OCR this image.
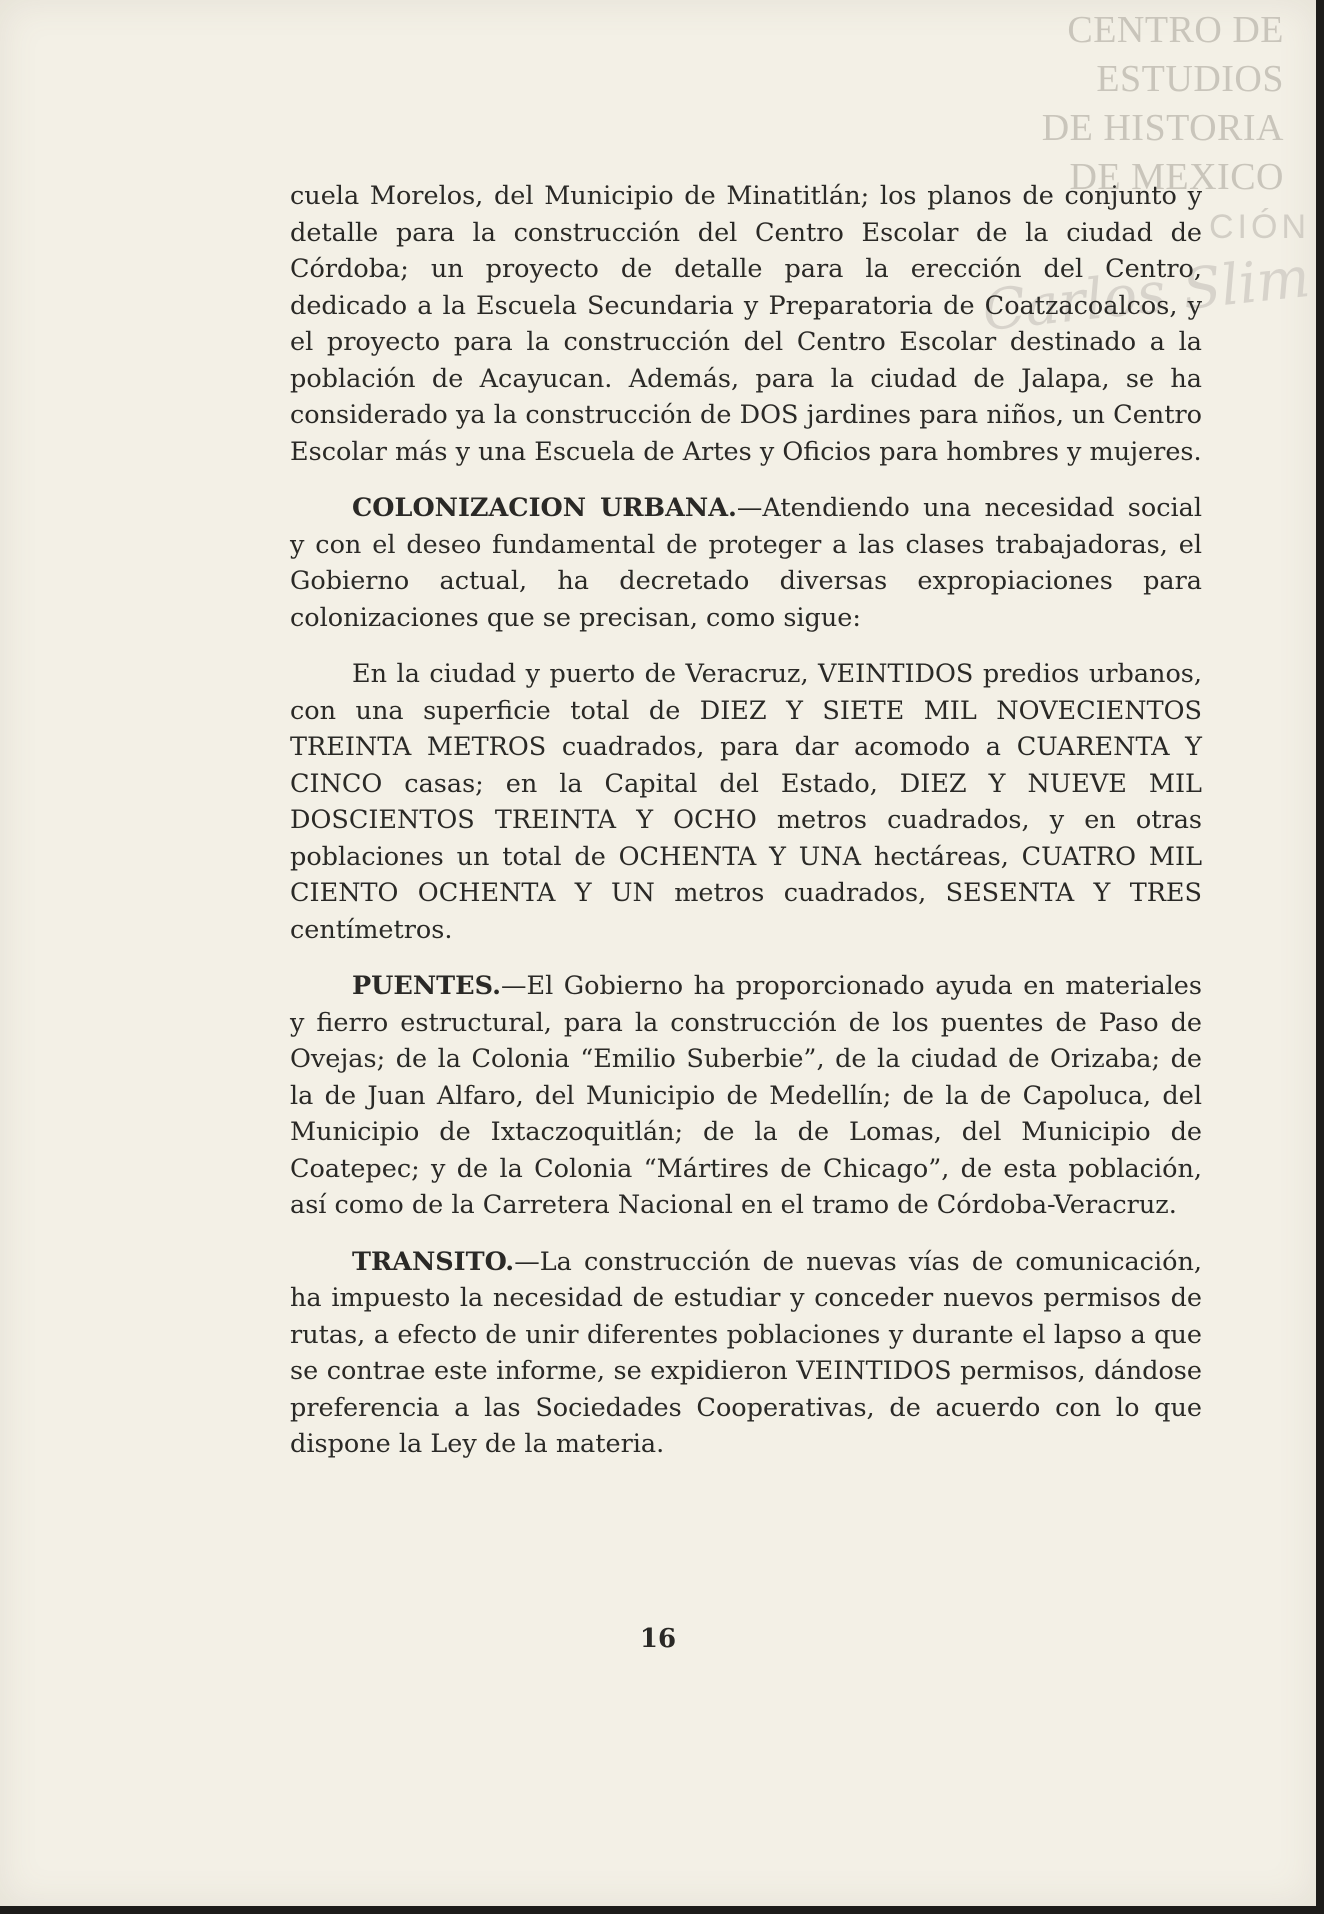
CENTRO DE
ESTUDIOS
DE HISTORIA
DE MEXICO
CIÓN
Carlos Slim

cuela Morelos, del Municipio de Minatitlán; los planos de conjunto y detalle para la construcción del Centro Escolar de la ciudad de Córdoba; un proyecto de detalle para la erección del Centro, dedicado a la Escuela Secundaria y Preparatoria de Coatzacoalcos, y el proyecto para la construcción del Centro Escolar destinado a la población de Acayucan. Además, para la ciudad de Jalapa, se ha considerado ya la construcción de DOS jardines para niños, un Centro Escolar más y una Escuela de Artes y Oficios para hombres y mujeres.

COLONIZACION URBANA.—Atendiendo una necesidad social y con el deseo fundamental de proteger a las clases trabajadoras, el Gobierno actual, ha decretado diversas expropiaciones para colonizaciones que se precisan, como sigue:

En la ciudad y puerto de Veracruz, VEINTIDOS predios urbanos, con una superficie total de DIEZ Y SIETE MIL NOVECIENTOS TREINTA METROS cuadrados, para dar acomodo a CUARENTA Y CINCO casas; en la Capital del Estado, DIEZ Y NUEVE MIL DOSCIENTOS TREINTA Y OCHO metros cuadrados, y en otras poblaciones un total de OCHENTA Y UNA hectáreas, CUATRO MIL CIENTO OCHENTA Y UN metros cuadrados, SESENTA Y TRES centímetros.

PUENTES.—El Gobierno ha proporcionado ayuda en materiales y fierro estructural, para la construcción de los puentes de Paso de Ovejas; de la Colonia “Emilio Suberbie”, de la ciudad de Orizaba; de la de Juan Alfaro, del Municipio de Medellín; de la de Capoluca, del Municipio de Ixtaczoquitlán; de la de Lomas, del Municipio de Coatepec; y de la Colonia “Mártires de Chicago”, de esta población, así como de la Carretera Nacional en el tramo de Córdoba-Veracruz.

TRANSITO.—La construcción de nuevas vías de comunicación, ha impuesto la necesidad de estudiar y conceder nuevos permisos de rutas, a efecto de unir diferentes poblaciones y durante el lapso a que se contrae este informe, se expidieron VEINTIDOS permisos, dándose preferencia a las Sociedades Cooperativas, de acuerdo con lo que dispone la Ley de la materia.

16
